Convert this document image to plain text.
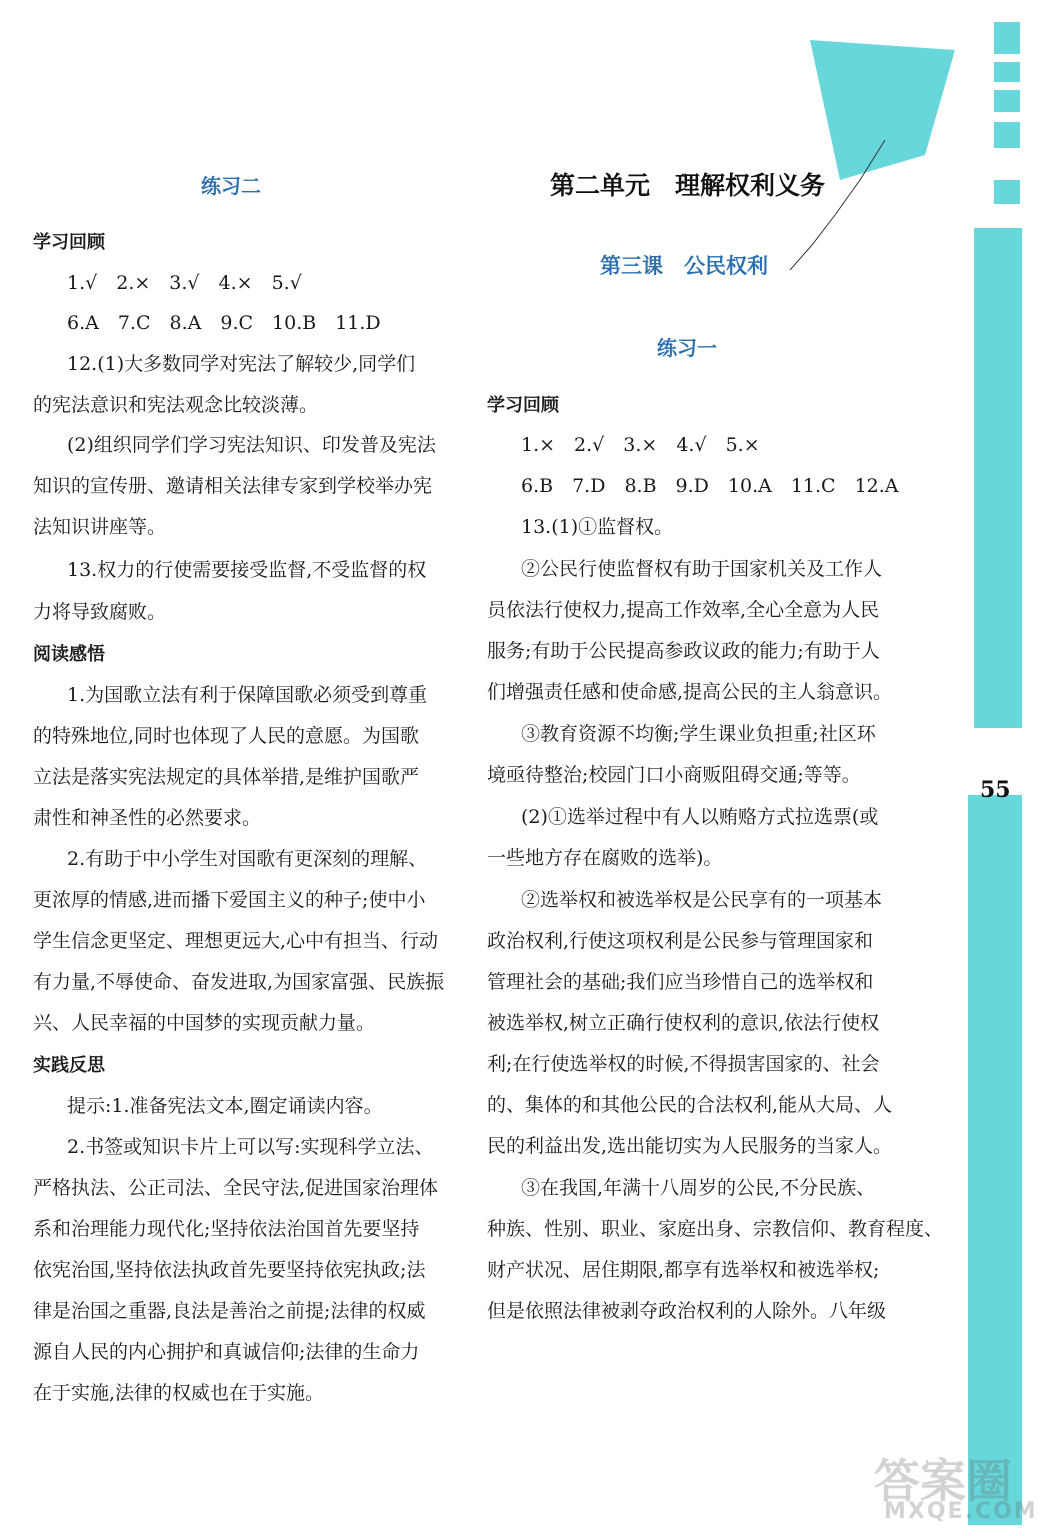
第二单元　理解权利义务
第三课　公民权利
练习二
学习回顾
1.√　2.×　3.√　4.×　5.√
6.A　7.C　8.A　9.C　10.B　11.D
12.(1)大多数同学对宪法了解较少,同学们
的宪法意识和宪法观念比较淡薄。
(2)组织同学们学习宪法知识、印发普及宪法
知识的宣传册、邀请相关法律专家到学校举办宪
法知识讲座等。
13.权力的行使需要接受监督,不受监督的权
力将导致腐败。
阅读感悟
1.为国歌立法有利于保障国歌必须受到尊重
的特殊地位,同时也体现了人民的意愿。为国歌
立法是落实宪法规定的具体举措,是维护国歌严
肃性和神圣性的必然要求。
2.有助于中小学生对国歌有更深刻的理解、
更浓厚的情感,进而播下爱国主义的种子;使中小
学生信念更坚定、理想更远大,心中有担当、行动
有力量,不辱使命、奋发进取,为国家富强、民族振
兴、人民幸福的中国梦的实现贡献力量。
实践反思
提示:1.准备宪法文本,圈定诵读内容。
2.书签或知识卡片上可以写:实现科学立法、
严格执法、公正司法、全民守法,促进国家治理体
系和治理能力现代化;坚持依法治国首先要坚持
依宪治国,坚持依法执政首先要坚持依宪执政;法
律是治国之重器,良法是善治之前提;法律的权威
源自人民的内心拥护和真诚信仰;法律的生命力
在于实施,法律的权威也在于实施。
练习一
学习回顾
1.×　2.√　3.×　4.√　5.×
6.B　7.D　8.B　9.D　10.A　11.C　12.A
13.(1)①监督权。
②公民行使监督权有助于国家机关及工作人
员依法行使权力,提高工作效率,全心全意为人民
服务;有助于公民提高参政议政的能力;有助于人
们增强责任感和使命感,提高公民的主人翁意识。
③教育资源不均衡;学生课业负担重;社区环
境亟待整治;校园门口小商贩阻碍交通;等等。
(2)①选举过程中有人以贿赂方式拉选票(或
一些地方存在腐败的选举)。
②选举权和被选举权是公民享有的一项基本
政治权利,行使这项权利是公民参与管理国家和
管理社会的基础;我们应当珍惜自己的选举权和
被选举权,树立正确行使权利的意识,依法行使权
利;在行使选举权的时候,不得损害国家的、社会
的、集体的和其他公民的合法权利,能从大局、人
民的利益出发,选出能切实为人民服务的当家人。
③在我国,年满十八周岁的公民,不分民族、
种族、性别、职业、家庭出身、宗教信仰、教育程度、
财产状况、居住期限,都享有选举权和被选举权;
但是依照法律被剥夺政治权利的人除外。八年级
55
答案圈
MXQE.COM
